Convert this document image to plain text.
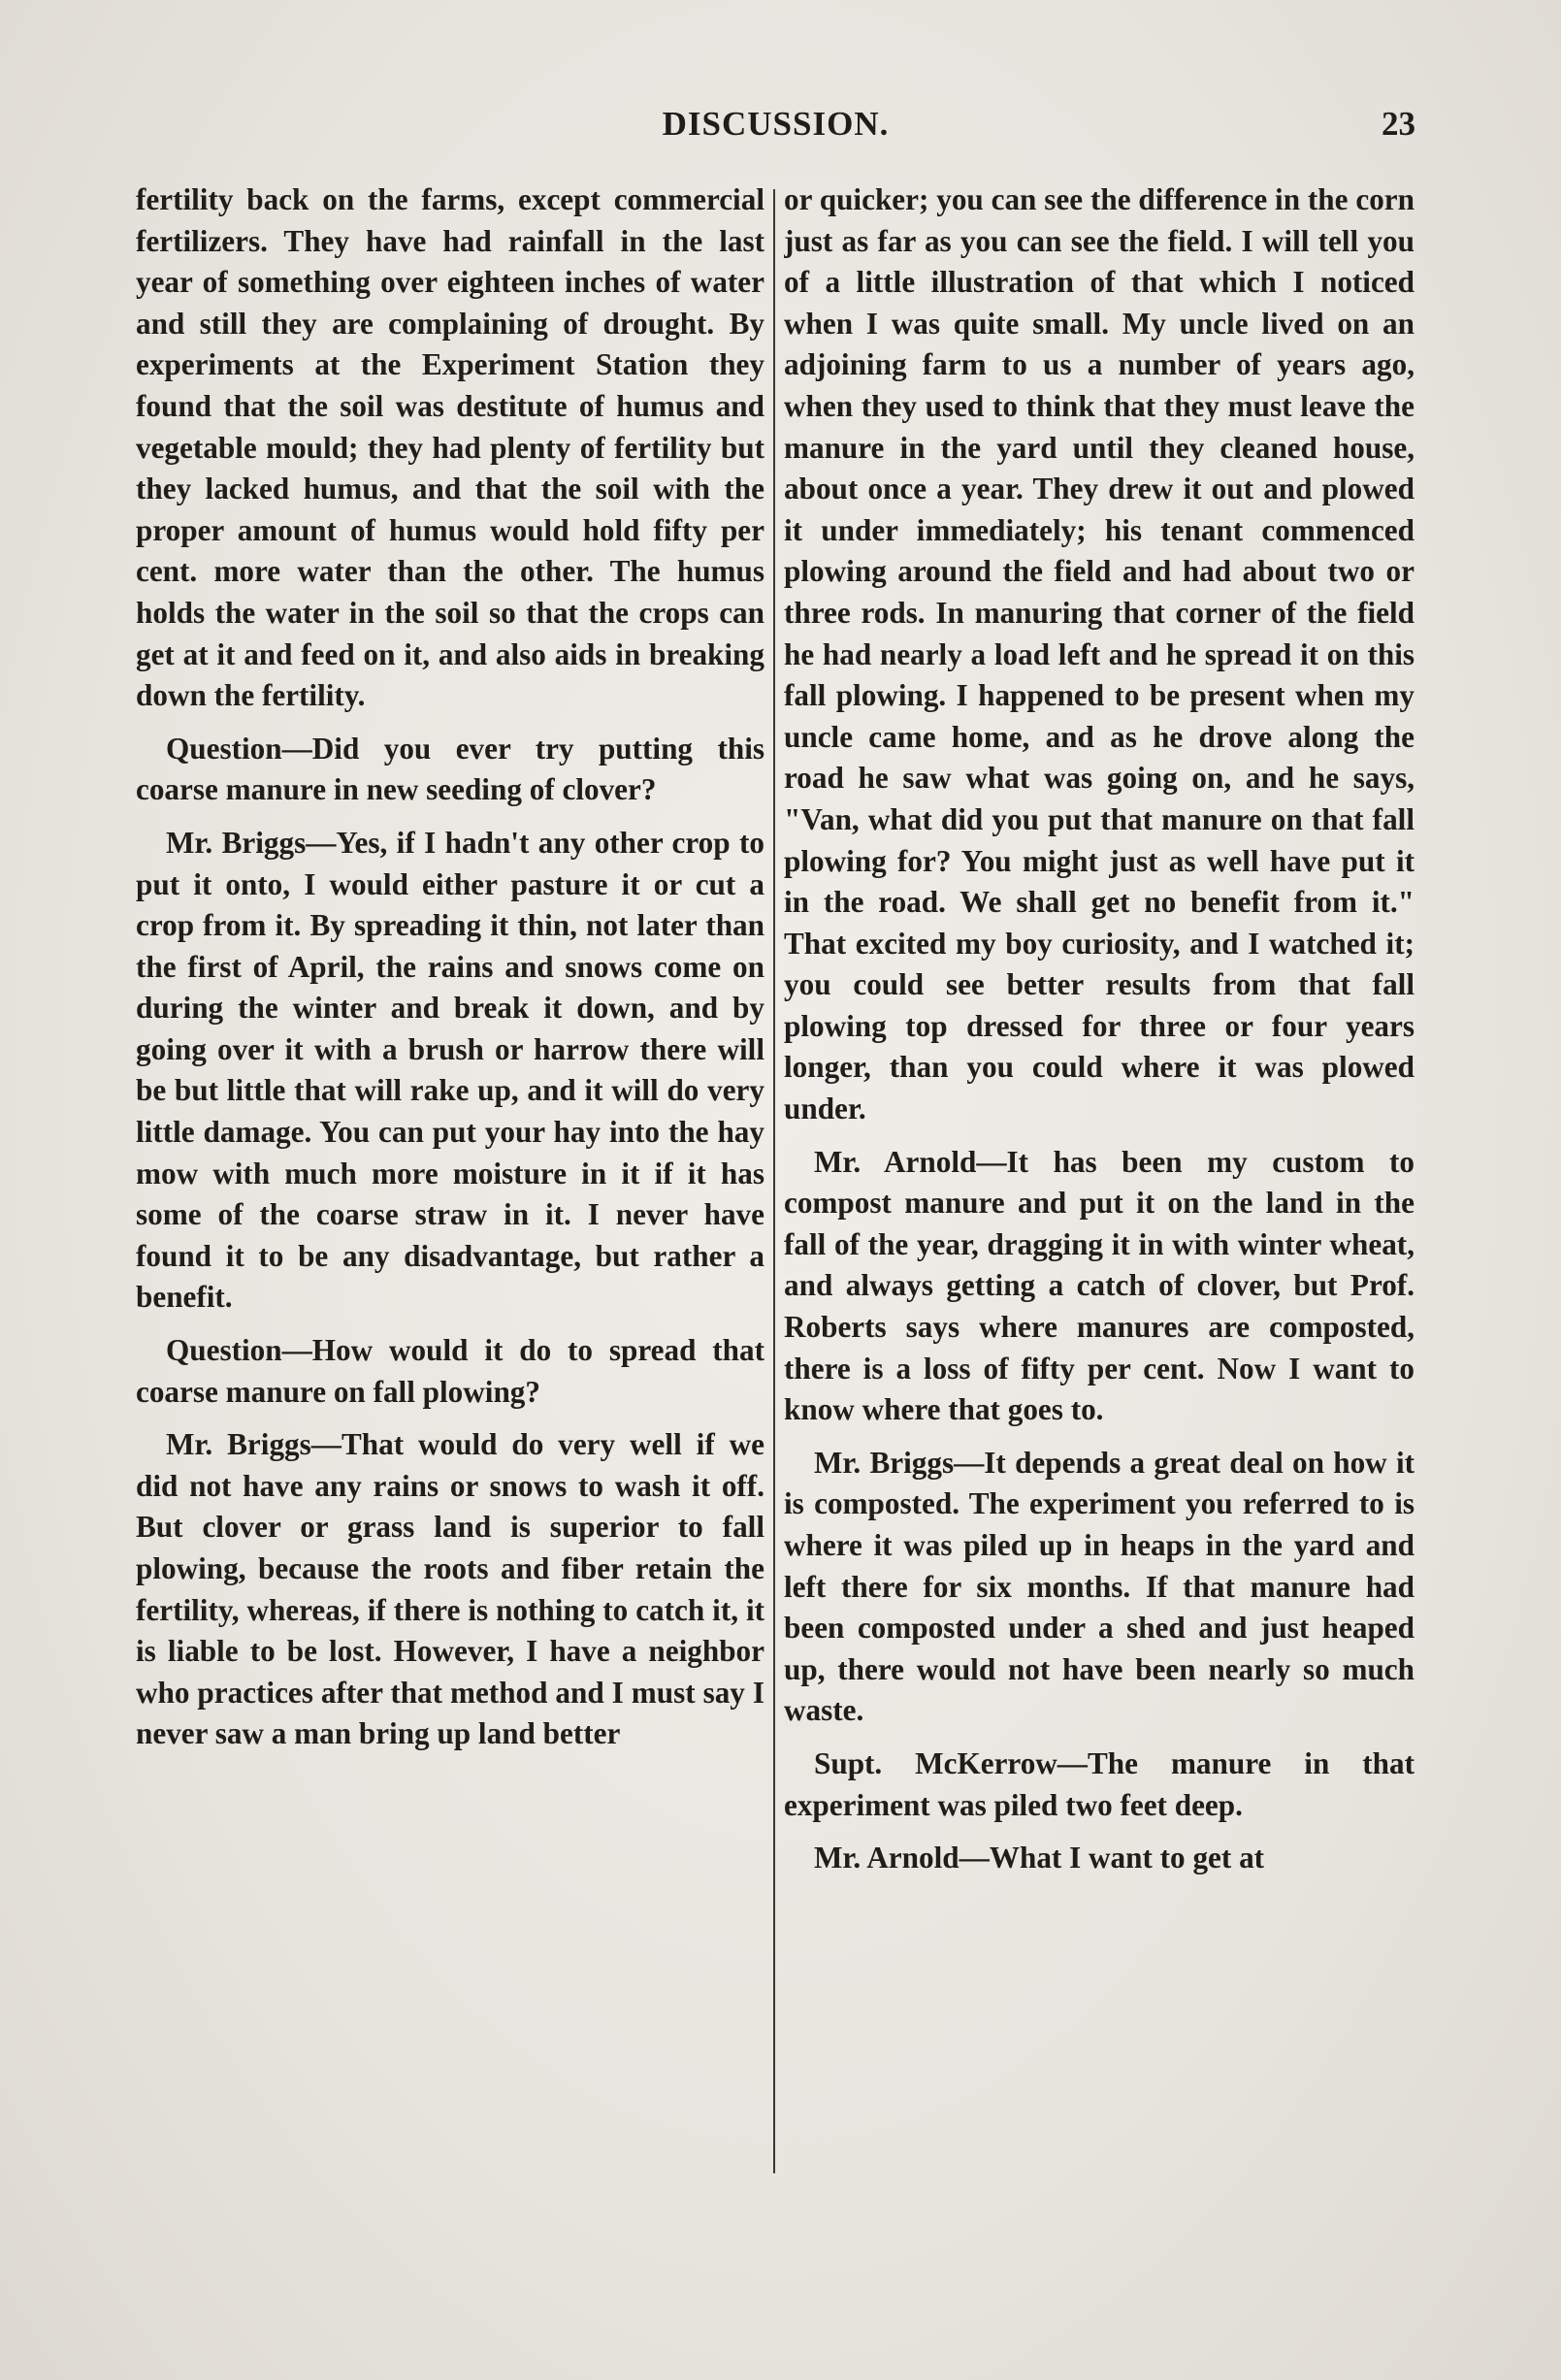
DISCUSSION.	23

fertility back on the farms, except commercial fertilizers. They have had rainfall in the last year of something over eighteen inches of water and still they are complaining of drought. By experiments at the Experiment Station they found that the soil was destitute of humus and vegetable mould; they had plenty of fertility but they lacked humus, and that the soil with the proper amount of humus would hold fifty per cent. more water than the other. The humus holds the water in the soil so that the crops can get at it and feed on it, and also aids in breaking down the fertility.

Question—Did you ever try putting this coarse manure in new seeding of clover?

Mr. Briggs—Yes, if I hadn't any other crop to put it onto, I would either pasture it or cut a crop from it. By spreading it thin, not later than the first of April, the rains and snows come on during the winter and break it down, and by going over it with a brush or harrow there will be but little that will rake up, and it will do very little damage. You can put your hay into the hay mow with much more moisture in it if it has some of the coarse straw in it. I never have found it to be any disadvantage, but rather a benefit.

Question—How would it do to spread that coarse manure on fall plowing?

Mr. Briggs—That would do very well if we did not have any rains or snows to wash it off. But clover or grass land is superior to fall plowing, because the roots and fiber retain the fertility, whereas, if there is nothing to catch it, it is liable to be lost. However, I have a neighbor who practices after that method and I must say I never saw a man bring up land better

or quicker; you can see the difference in the corn just as far as you can see the field. I will tell you of a little illustration of that which I noticed when I was quite small. My uncle lived on an adjoining farm to us a number of years ago, when they used to think that they must leave the manure in the yard until they cleaned house, about once a year. They drew it out and plowed it under immediately; his tenant commenced plowing around the field and had about two or three rods. In manuring that corner of the field he had nearly a load left and he spread it on this fall plowing. I happened to be present when my uncle came home, and as he drove along the road he saw what was going on, and he says, "Van, what did you put that manure on that fall plowing for? You might just as well have put it in the road. We shall get no benefit from it." That excited my boy curiosity, and I watched it; you could see better results from that fall plowing top dressed for three or four years longer, than you could where it was plowed under.

Mr. Arnold—It has been my custom to compost manure and put it on the land in the fall of the year, dragging it in with winter wheat, and always getting a catch of clover, but Prof. Roberts says where manures are composted, there is a loss of fifty per cent. Now I want to know where that goes to.

Mr. Briggs—It depends a great deal on how it is composted. The experiment you referred to is where it was piled up in heaps in the yard and left there for six months. If that manure had been composted under a shed and just heaped up, there would not have been nearly so much waste.

Supt. McKerrow—The manure in that experiment was piled two feet deep.

Mr. Arnold—What I want to get at
